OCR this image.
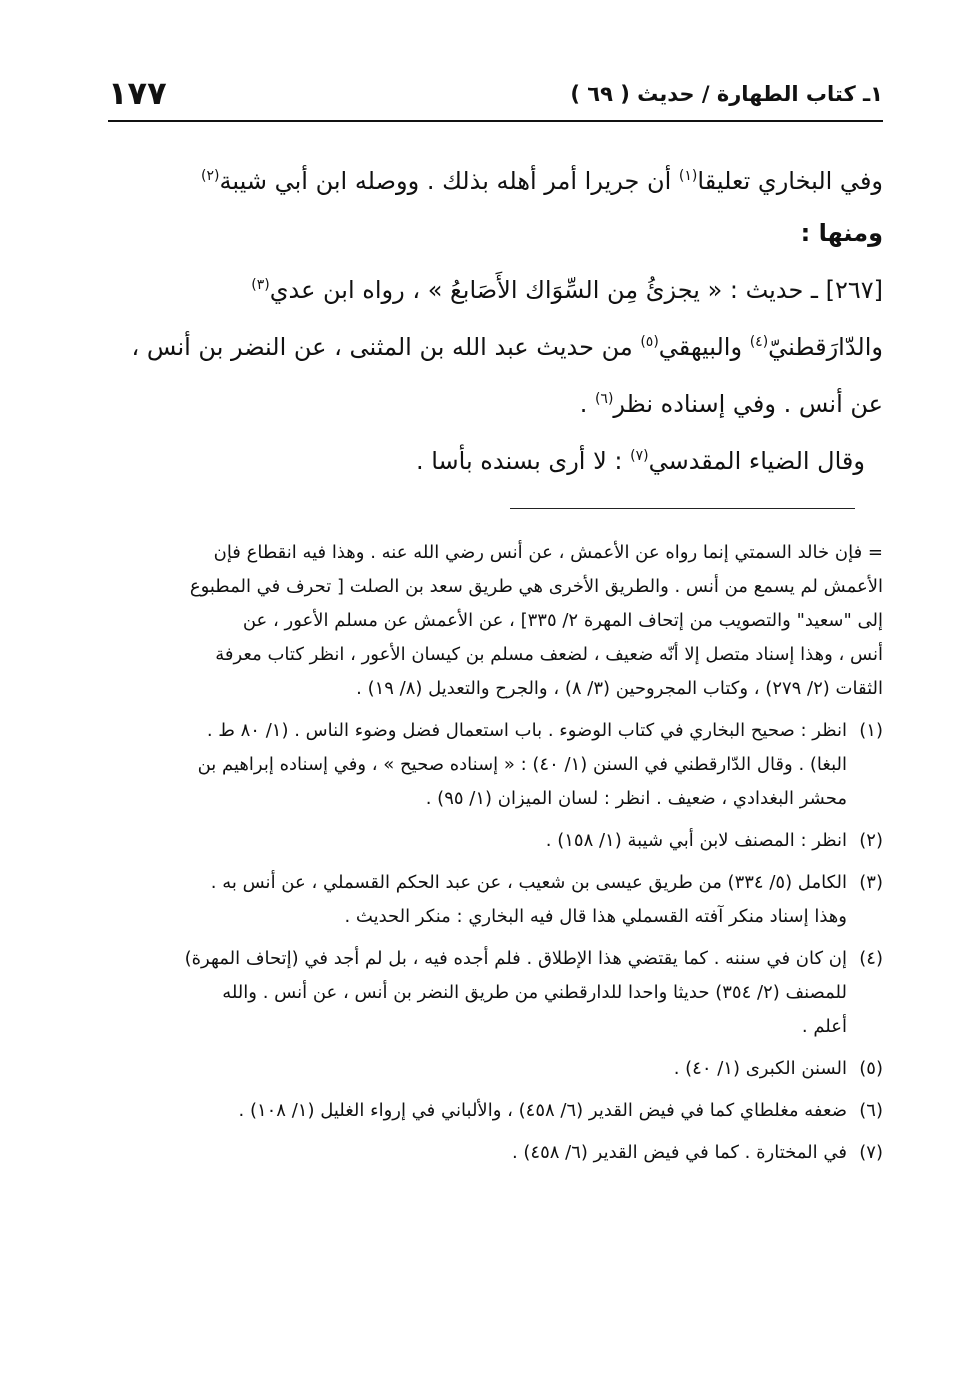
١ـ كتاب الطهارة / حديث ( ٦٩ )
١٧٧

وفي البخاري تعليقا$^{(١)}$ أن جريرا أمر أهله بذلك . ووصله ابن أبي شيبة$^{(٢)}$

ومنها :

[٢٦٧] ـ حديث : « يجزئُ مِن السِّوَاك الأَصَابعُ » ، رواه ابن عدي$^{(٣)}$

والدّارَقطنيّ$^{(٤)}$ والبيهقي$^{(٥)}$ من حديث عبد الله بن المثنى ، عن النضر بن أنس ،

عن أنس . وفي إسناده نظر$^{(٦)}$ .

وقال الضياء المقدسي$^{(٧)}$ : لا أرى بسنده بأسا .

= فإن خالد السمتي إنما رواه عن الأعمش ، عن أنس رضي الله عنه . وهذا فيه انقطاع فإن
الأعمش لم يسمع من أنس . والطريق الأخرى هي طريق سعد بن الصلت [ تحرف في المطبوع
إلى "سعيد" والتصويب من إتحاف المهرة ٢/ ٣٣٥] ، عن الأعمش عن مسلم الأعور ، عن
أنس ، وهذا إسناد متصل إلا أنّه ضعيف ، لضعف مسلم بن كيسان الأعور ، انظر كتاب معرفة
الثقات (٢/ ٢٧٩) ، وكتاب المجروحين (٣/ ٨) ، والجرح والتعديل (٨/ ١٩) .
(١)
انظر : صحيح البخاري في كتاب الوضوء . باب استعمال فضل وضوء الناس . (١/ ٨٠ ط .
البغا) . وقال الدّارقطني في السنن (١/ ٤٠) : « إسناده صحيح » ، وفي إسناده إبراهيم بن
محشر البغدادي ، ضعيف . انظر : لسان الميزان (١/ ٩٥) .
(٢)
انظر : المصنف لابن أبي شيبة (١/ ١٥٨) .
(٣)
الكامل (٥/ ٣٣٤) من طريق عيسى بن شعيب ، عن عبد الحكم القسملي ، عن أنس به .
وهذا إسناد منكر آفته القسملي هذا قال فيه البخاري : منكر الحديث .
(٤)
إن كان في سننه . كما يقتضي هذا الإطلاق . فلم أجده فيه ، بل لم أجد في (إتحاف المهرة)
للمصنف (٢/ ٣٥٤) حديثا واحدا للدارقطني من طريق النضر بن أنس ، عن أنس . والله
أعلم .
(٥)
السنن الكبرى (١/ ٤٠) .
(٦)
ضعفه مغلطاي كما في فيض القدير (٦/ ٤٥٨) ، والألباني في إرواء الغليل (١/ ١٠٨) .
(٧)
في المختارة . كما في فيض القدير (٦/ ٤٥٨) .
